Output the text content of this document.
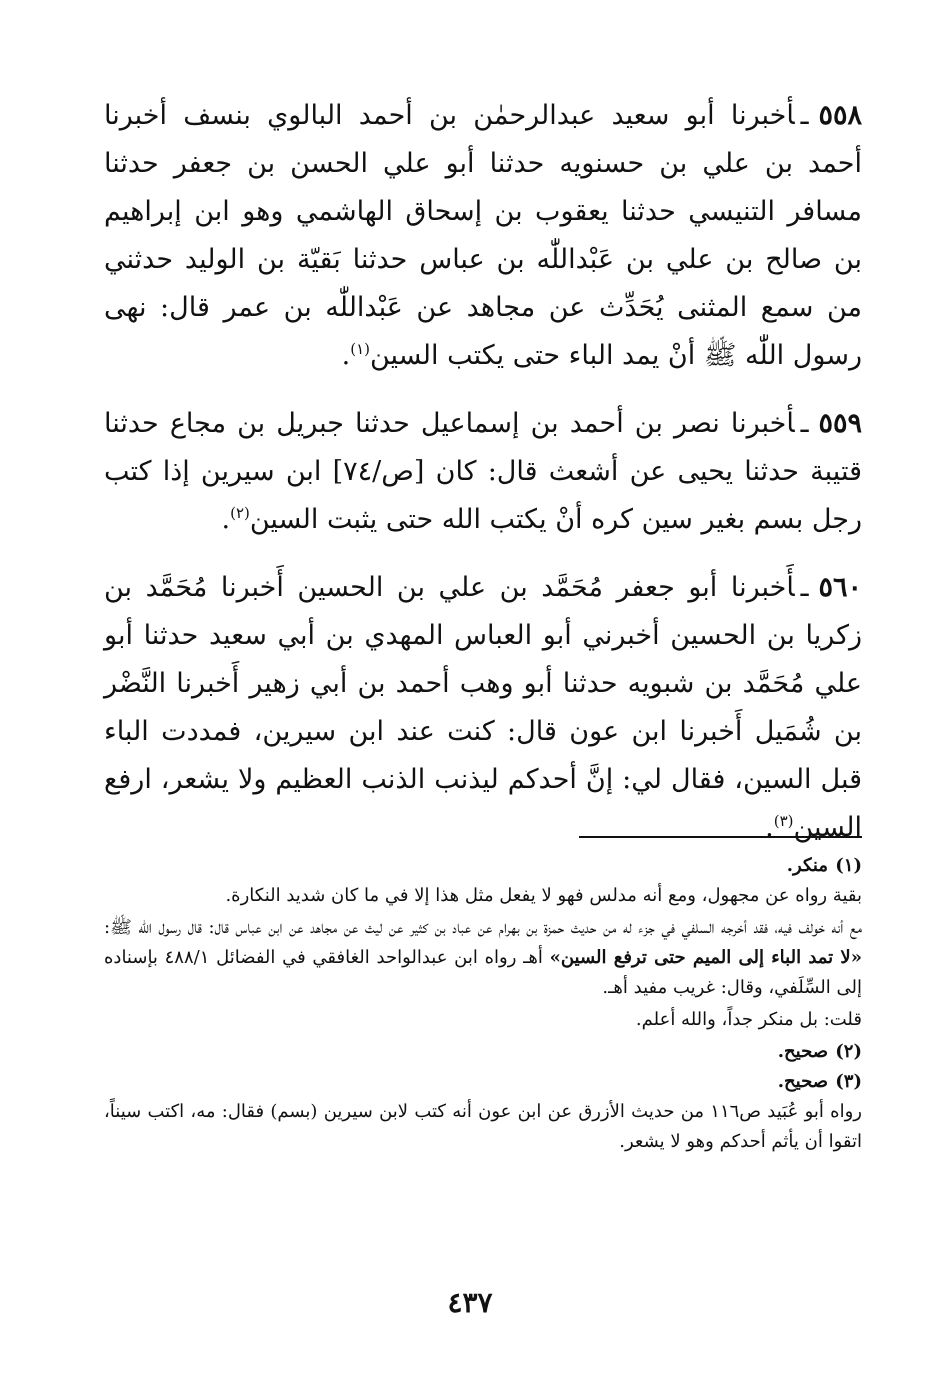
٥٥٨ـأخبرنا أبو سعيد عبدالرحمٰن بن أحمد البالوي بنسف أخبرنا أحمد بن علي بن حسنويه حدثنا أبو علي الحسن بن جعفر حدثنا مسافر التنيسي حدثنا يعقوب بن إسحاق الهاشمي وهو ابن إبراهيم بن صالح بن علي بن عَبْداللّٰه بن عباس حدثنا بَقيّة بن الوليد حدثني من سمع المثنى يُحَدِّث عن مجاهد عن عَبْداللّٰه بن عمر قال: نهى رسول اللّٰه ﷺ أنْ يمد الباء حتى يكتب السين$^{(١)}$.

٥٥٩ـأخبرنا نصر بن أحمد بن إسماعيل حدثنا جبريل بن مجاع حدثنا قتيبة حدثنا يحيى عن أشعث قال: كان [ص/٧٤] ابن سيرين إذا كتب رجل بسم بغير سين كره أنْ يكتب الله حتى يثبت السين$^{(٢)}$.

٥٦٠ـأَخبرنا أبو جعفر مُحَمَّد بن علي بن الحسين أَخبرنا مُحَمَّد بن زكريا بن الحسين أخبرني أبو العباس المهدي بن أبي سعيد حدثنا أبو علي مُحَمَّد بن شبويه حدثنا أبو وهب أحمد بن أبي زهير أَخبرنا النَّضْر بن شُمَيل أَخبرنا ابن عون قال: كنت عند ابن سيرين، فمددت الباء قبل السين، فقال لي: إنَّ أحدكم ليذنب الذنب العظيم ولا يشعر، ارفع السين$^{(٣)}$.

(١)منكر.

بقية رواه عن مجهول، ومع أنه مدلس فهو لا يفعل مثل هذا إلا في ما كان شديد النكارة.

مع أنه خولف فيه، فقد أخرجه السلفي في جزء له من حديث حمزة بن بهرام عن عباد بن كثير عن ليث عن مجاهد عن ابن عباس قال: قال رسول اللّٰه ﷺ: «لا تمد الباء إلى الميم حتى ترفع السين» أهـ رواه ابن عبدالواحد الغافقي في الفضائل ٤٨٨/١ بإسناده إلى السِّلَفي، وقال: غريب مفيد أهـ.

قلت: بل منكر جداً، والله أعلم.

(٢)صحيح.

(٣)صحيح.

رواه أبو عُبَيد ص١١٦ من حديث الأزرق عن ابن عون أنه كتب لابن سيرين (بسم) فقال: مه، اكتب سيناً، اتقوا أن يأثم أحدكم وهو لا يشعر.

٤٣٧
